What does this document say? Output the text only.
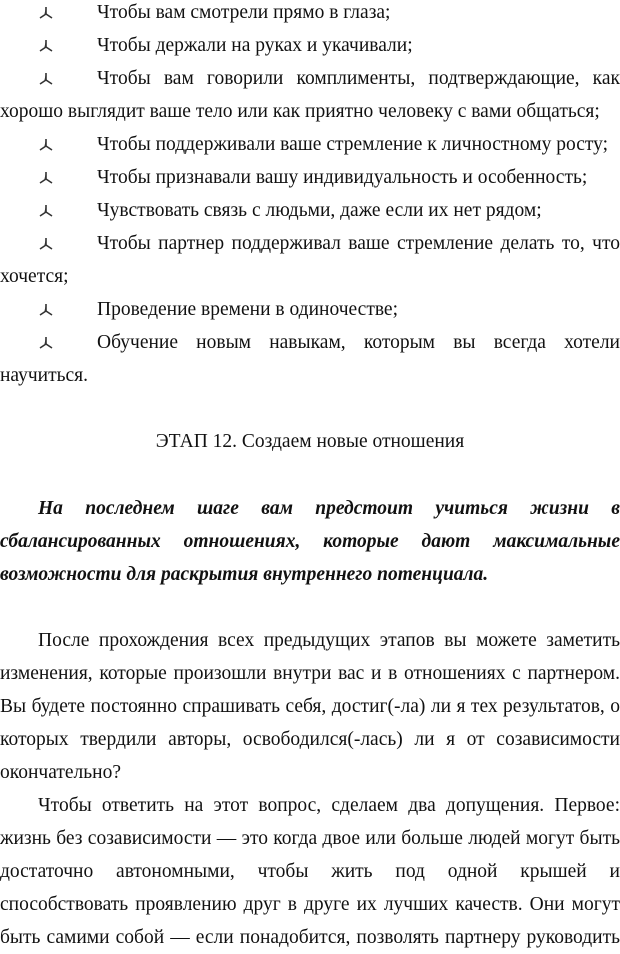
Чтобы вам смотрели прямо в глаза;
Чтобы держали на руках и укачивали;
Чтобы вам говорили комплименты, подтверждающие, как

хорошо выглядит ваше тело или как приятно человеку с вами общаться;

Чтобы поддерживали ваше стремление к личностному росту;
Чтобы признавали вашу индивидуальность и особенность;
Чувствовать связь с людьми, даже если их нет рядом;
Чтобы партнер поддерживал ваше стремление делать то, что

хочется;

Проведение времени в одиночестве;
Обучение новым навыкам, которым вы всегда хотели

научиться.

ЭТАП 12. Создаем новые отношения

На последнем шаге вам предстоит учиться жизни в

сбалансированных отношениях, которые дают максимальные

возможности для раскрытия внутреннего потенциала.

После прохождения всех предыдущих этапов вы можете заметить

изменения, которые произошли внутри вас и в отношениях с партнером.

Вы будете постоянно спрашивать себя, достиг(-ла) ли я тех результатов, о

которых твердили авторы, освободился(-лась) ли я от созависимости

окончательно?

Чтобы ответить на этот вопрос, сделаем два допущения. Первое:

жизнь без созависимости — это когда двое или больше людей могут быть

достаточно автономными, чтобы жить под одной крышей и

способствовать проявлению друг в друге их лучших качеств. Они могут

быть самими собой — если понадобится, позволять партнеру руководить
